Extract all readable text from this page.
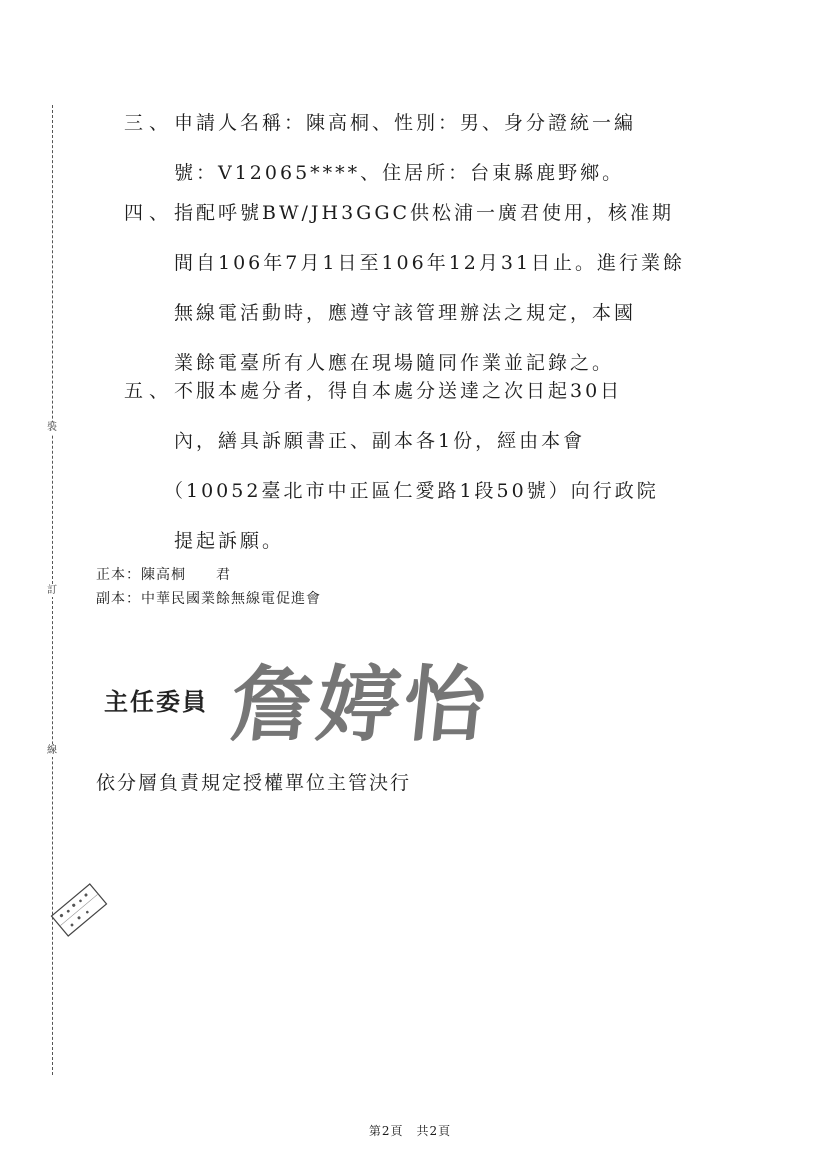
裝
訂
線
三、 申請人名稱：陳高桐、性別：男、身分證統一編
號：V12065****、住居所：台東縣鹿野鄉。
四、 指配呼號BW/JH3GGC供松浦一廣君使用，核准期
間自106年7月1日至106年12月31日止。進行業餘
無線電活動時，應遵守該管理辦法之規定，本國
業餘電臺所有人應在現場隨同作業並記錄之。
五、 不服本處分者，得自本處分送達之次日起30日
內，繕具訴願書正、副本各1份，經由本會
（10052臺北市中正區仁愛路1段50號）向行政院
提起訴願。
正本：陳高桐　　君
副本：中華民國業餘無線電促進會
主任委員 詹婷怡
依分層負責規定授權單位主管決行
第2頁　共2頁
